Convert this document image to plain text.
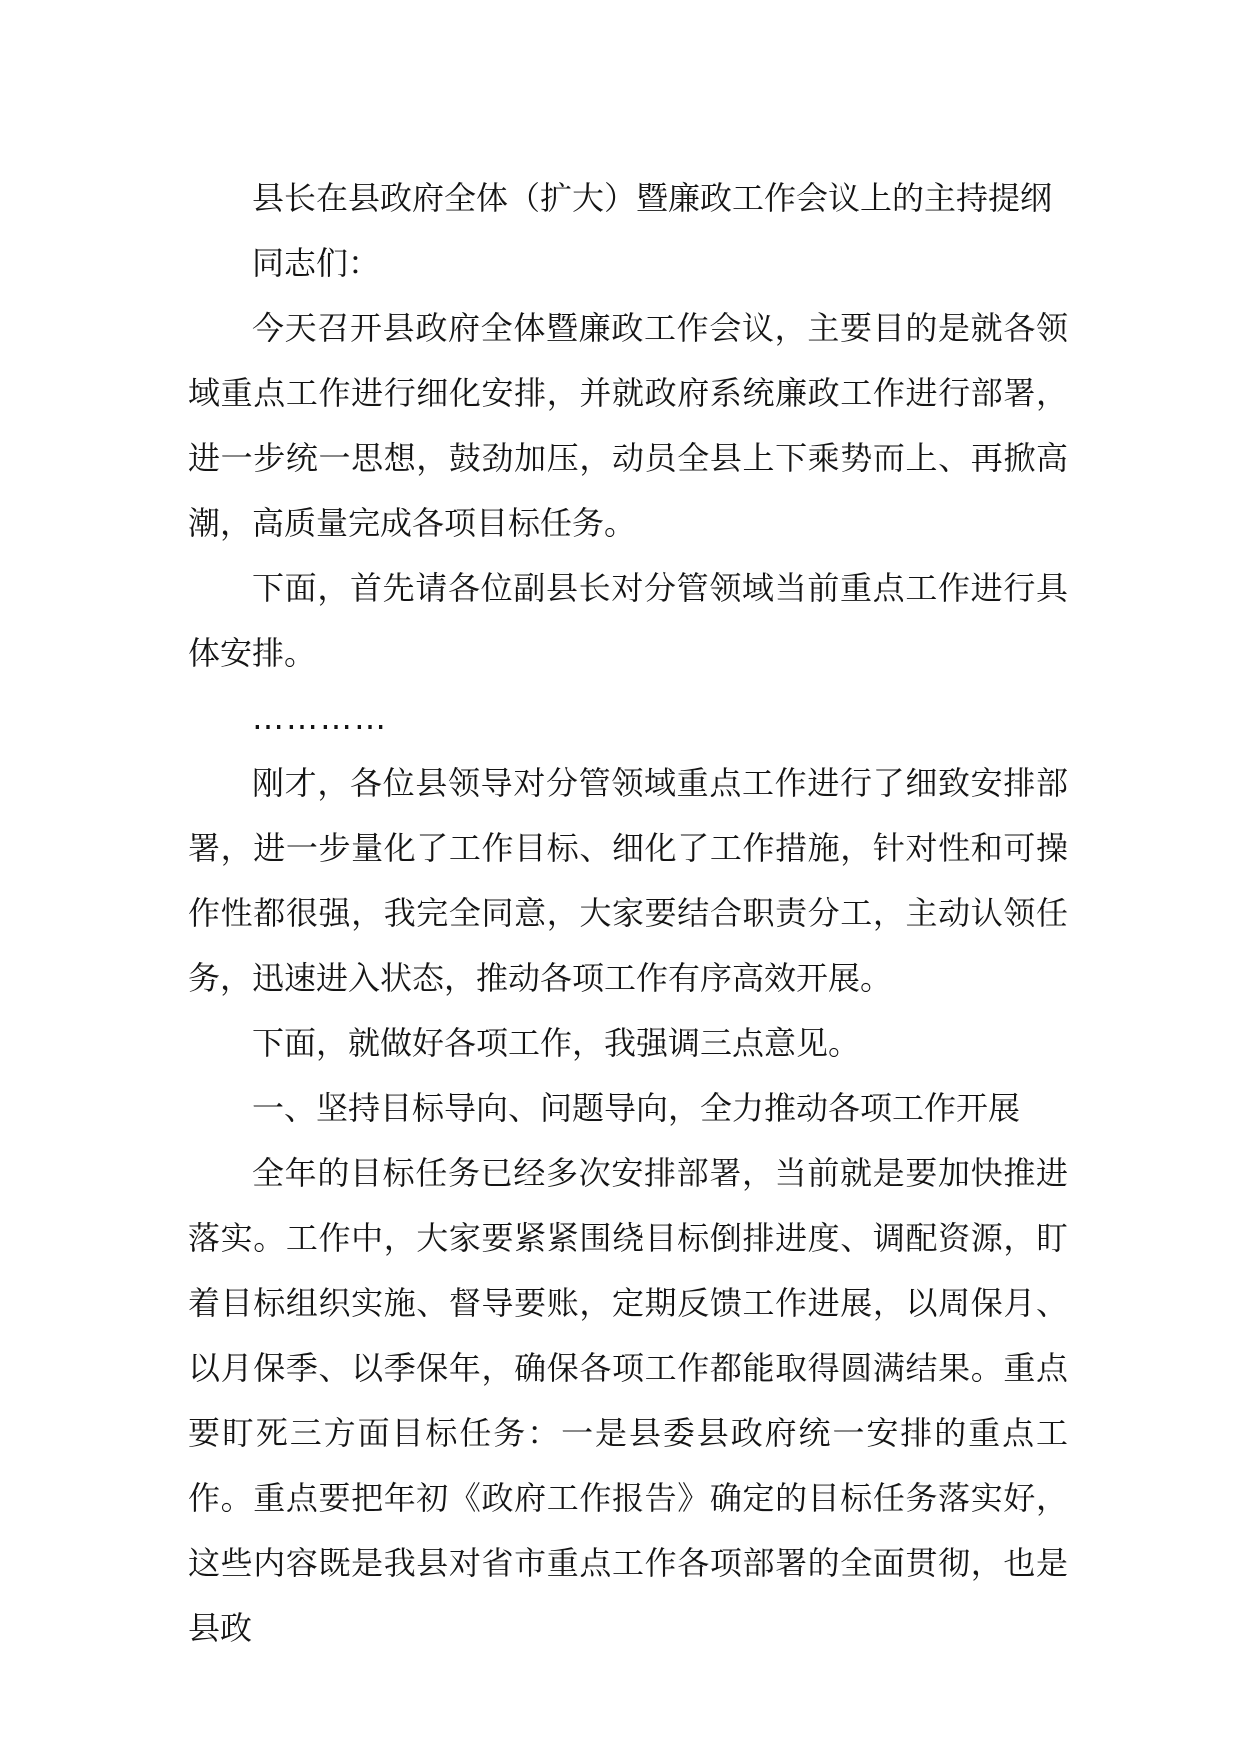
县长在县政府全体（扩大）暨廉政工作会议上的主持提纲

同志们：

今天召开县政府全体暨廉政工作会议，主要目的是就各领域重点工作进行细化安排，并就政府系统廉政工作进行部署，进一步统一思想，鼓劲加压，动员全县上下乘势而上、再掀高潮，高质量完成各项目标任务。

下面，首先请各位副县长对分管领域当前重点工作进行具体安排。

…………

刚才，各位县领导对分管领域重点工作进行了细致安排部署，进一步量化了工作目标、细化了工作措施，针对性和可操作性都很强，我完全同意，大家要结合职责分工，主动认领任务，迅速进入状态，推动各项工作有序高效开展。

下面，就做好各项工作，我强调三点意见。

一、坚持目标导向、问题导向，全力推动各项工作开展

全年的目标任务已经多次安排部署，当前就是要加快推进落实。工作中，大家要紧紧围绕目标倒排进度、调配资源，盯着目标组织实施、督导要账，定期反馈工作进展，以周保月、以月保季、以季保年，确保各项工作都能取得圆满结果。重点要盯死三方面目标任务：一是县委县政府统一安排的重点工作。重点要把年初《政府工作报告》确定的目标任务落实好，这些内容既是我县对省市重点工作各项部署的全面贯彻，也是县政
